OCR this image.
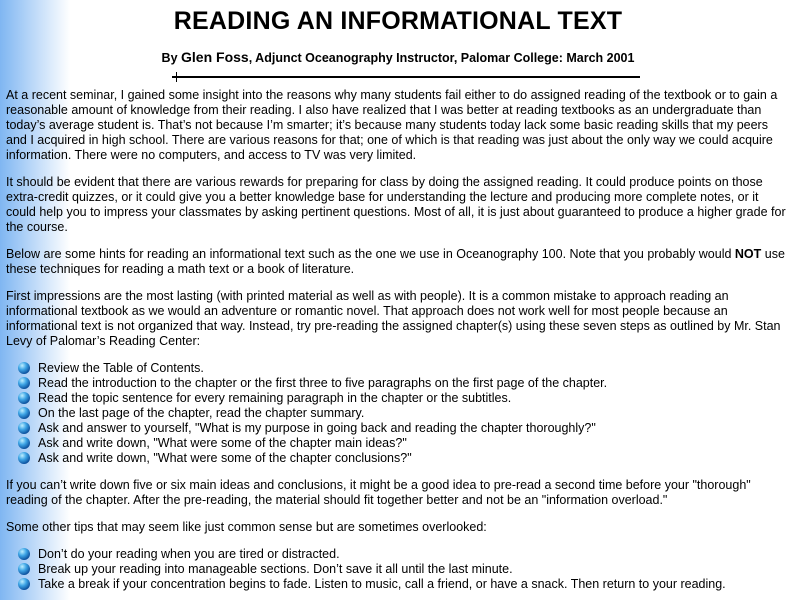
READING AN INFORMATIONAL TEXT
By Glen Foss, Adjunct Oceanography Instructor, Palomar College: March 2001

At a recent seminar, I gained some insight into the reasons why many students fail either to do assigned reading of the textbook or to gain a reasonable amount of knowledge from their reading. I also have realized that I was better at reading textbooks as an undergraduate than today’s average student is. That’s not because I’m smarter; it’s because many students today lack some basic reading skills that my peers and I acquired in high school. There are various reasons for that; one of which is that reading was just about the only way we could acquire information. There were no computers, and access to TV was very limited.

It should be evident that there are various rewards for preparing for class by doing the assigned reading. It could produce points on those extra-credit quizzes, or it could give you a better knowledge base for understanding the lecture and producing more complete notes, or it could help you to impress your classmates by asking pertinent questions. Most of all, it is just about guaranteed to produce a higher grade for the course.

Below are some hints for reading an informational text such as the one we use in Oceanography 100. Note that you probably would NOT use these techniques for reading a math text or a book of literature.

First impressions are the most lasting (with printed material as well as with people). It is a common mistake to approach reading an informational textbook as we would an adventure or romantic novel. That approach does not work well for most people because an informational text is not organized that way. Instead, try pre-reading the assigned chapter(s) using these seven steps as outlined by Mr. Stan Levy of Palomar’s Reading Center:

Review the Table of Contents.
Read the introduction to the chapter or the first three to five paragraphs on the first page of the chapter.
Read the topic sentence for every remaining paragraph in the chapter or the subtitles.
On the last page of the chapter, read the chapter summary.
Ask and answer to yourself, "What is my purpose in going back and reading the chapter thoroughly?"
Ask and write down, "What were some of the chapter main ideas?"
Ask and write down, "What were some of the chapter conclusions?"

If you can’t write down five or six main ideas and conclusions, it might be a good idea to pre-read a second time before your "thorough" reading of the chapter. After the pre-reading, the material should fit together better and not be an "information overload."

Some other tips that may seem like just common sense but are sometimes overlooked:

Don’t do your reading when you are tired or distracted.
Break up your reading into manageable sections. Don’t save it all until the last minute.
Take a break if your concentration begins to fade. Listen to music, call a friend, or have a snack. Then return to your reading.
